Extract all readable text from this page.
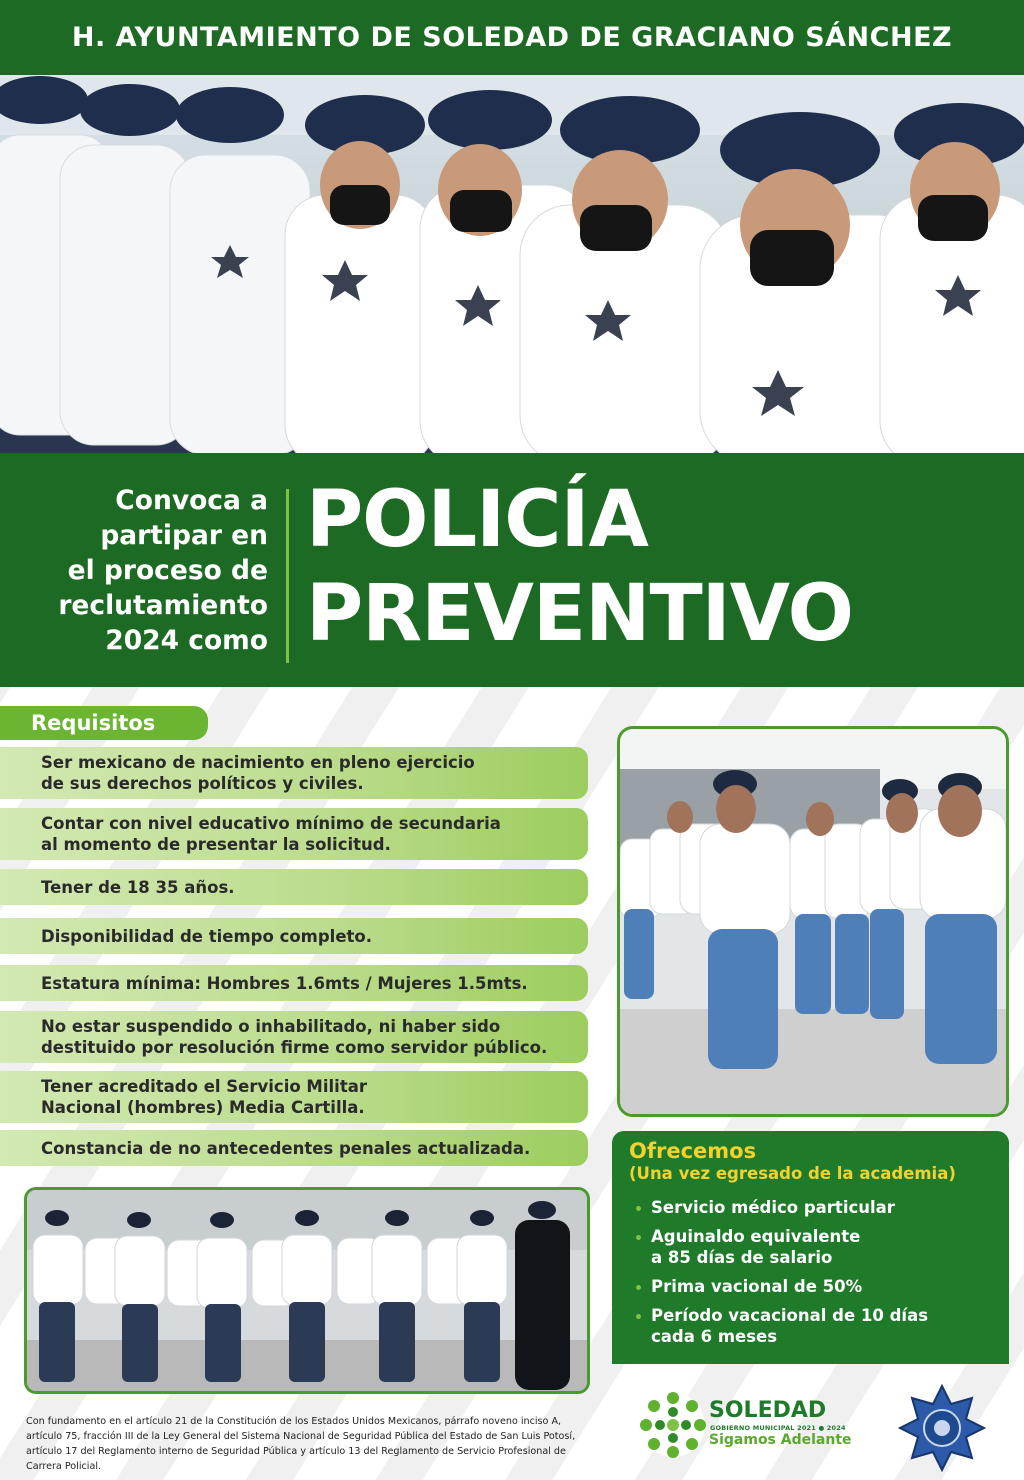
H. AYUNTAMIENTO DE SOLEDAD DE GRACIANO SÁNCHEZ
Convoca a
partipar en
el proceso de
reclutamiento
2024 como
POLICÍA
PREVENTIVO
Requisitos
Ser mexicano de nacimiento en pleno ejercicio
de sus derechos políticos y civiles.
Contar con nivel educativo mínimo de secundaria
al momento de presentar la solicitud.
Tener de 18 35 años.
Disponibilidad de tiempo completo.
Estatura mínima: Hombres 1.6mts / Mujeres 1.5mts.
No estar suspendido o inhabilitado, ni haber sido
destituido por resolución firme como servidor público.
Tener acreditado el Servicio Militar
Nacional (hombres) Media Cartilla.
Constancia de no antecedentes penales actualizada.	Ofrecemos
(Una vez egresado de la academia)
Servicio médico particular
Aguinaldo equivalente
a 85 días de salario
Prima vacional de 50%
Período vacacional de 10 días
cada 6 meses
Con fundamento en el artículo 21 de la Constitución de los Estados Unidos Mexicanos, párrafo noveno inciso A, artículo 75, fracción III de la Ley General del Sistema Nacional de Seguridad Pública del Estado de San Luis Potosí, artículo 17 del Reglamento interno de Seguridad Pública y artículo 13 del Reglamento de Servicio Profesional de Carrera Policial.
SOLEDAD
GOBIERNO MUNICIPAL 2021 ● 2024
Sigamos Adelante
